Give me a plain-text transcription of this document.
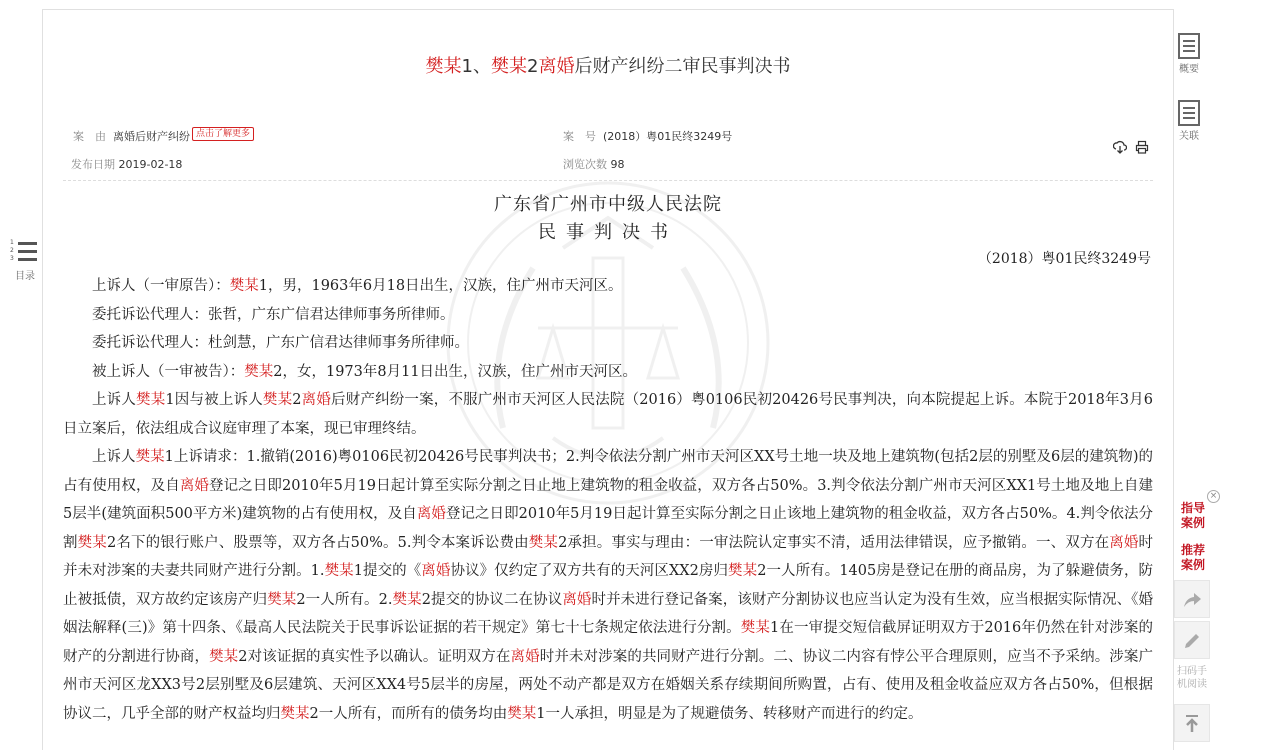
1
2
3
目录
樊某1、樊某2离婚后财产纠纷二审民事判决书
案　由 离婚后财产纠纷 点击了解更多
发布日期 2019-02-18
案　号 (2018）粤01民终3249号
浏览次数 98

广东省广州市中级人民法院
民事判决书
（2018）粤01民终3249号

上诉人（一审原告）：樊某1，男，1963年6月18日出生，汉族，住广州市天河区。

委托诉讼代理人：张哲，广东广信君达律师事务所律师。

委托诉讼代理人：杜剑慧，广东广信君达律师事务所律师。

被上诉人（一审被告）：樊某2，女，1973年8月11日出生，汉族，住广州市天河区。

上诉人樊某1因与被上诉人樊某2离婚后财产纠纷一案，不服广州市天河区人民法院（2016）粤0106民初20426号民事判决，向本院提起上诉。本院于2018年3月6日立案后，依法组成合议庭审理了本案，现已审理终结。

上诉人樊某1上诉请求：1.撤销(2016)粤0106民初20426号民事判决书；2.判令依法分割广州市天河区XX号土地一块及地上建筑物(包括2层的别墅及6层的建筑物)的占有使用权，及自离婚登记之日即2010年5月19日起计算至实际分割之日止地上建筑物的租金收益，双方各占50%。3.判令依法分割广州市天河区XX1号土地及地上自建5层半(建筑面积500平方米)建筑物的占有使用权，及自离婚登记之日即2010年5月19日起计算至实际分割之日止该地上建筑物的租金收益，双方各占50%。4.判令依法分割樊某2名下的银行账户、股票等，双方各占50%。5.判令本案诉讼费由樊某2承担。事实与理由：一审法院认定事实不清，适用法律错误，应予撤销。一、双方在离婚时并未对涉案的夫妻共同财产进行分割。1.樊某1提交的《离婚协议》仅约定了双方共有的天河区XX2房归樊某2一人所有。1405房是登记在册的商品房，为了躲避债务，防止被抵债，双方故约定该房产归樊某2一人所有。2.樊某2提交的协议二在协议离婚时并未进行登记备案，该财产分割协议也应当认定为没有生效，应当根据实际情况、《婚姻法解释(三)》第十四条、《最高人民法院关于民事诉讼证据的若干规定》第七十七条规定依法进行分割。樊某1在一审提交短信截屏证明双方于2016年仍然在针对涉案的财产的分割进行协商，樊某2对该证据的真实性予以确认。证明双方在离婚时并未对涉案的共同财产进行分割。二、协议二内容有悖公平合理原则，应当不予采纳。涉案广州市天河区龙XX3号2层别墅及6层建筑、天河区XX4号5层半的房屋，两处不动产都是双方在婚姻关系存续期间所购置，占有、使用及租金收益应双方各占50%，但根据协议二，几乎全部的财产权益均归樊某2一人所有，而所有的债务均由樊某1一人承担，明显是为了规避债务、转移财产而进行的约定。

概要
关联
×
指导案例
推荐案例
扫码手机阅读
